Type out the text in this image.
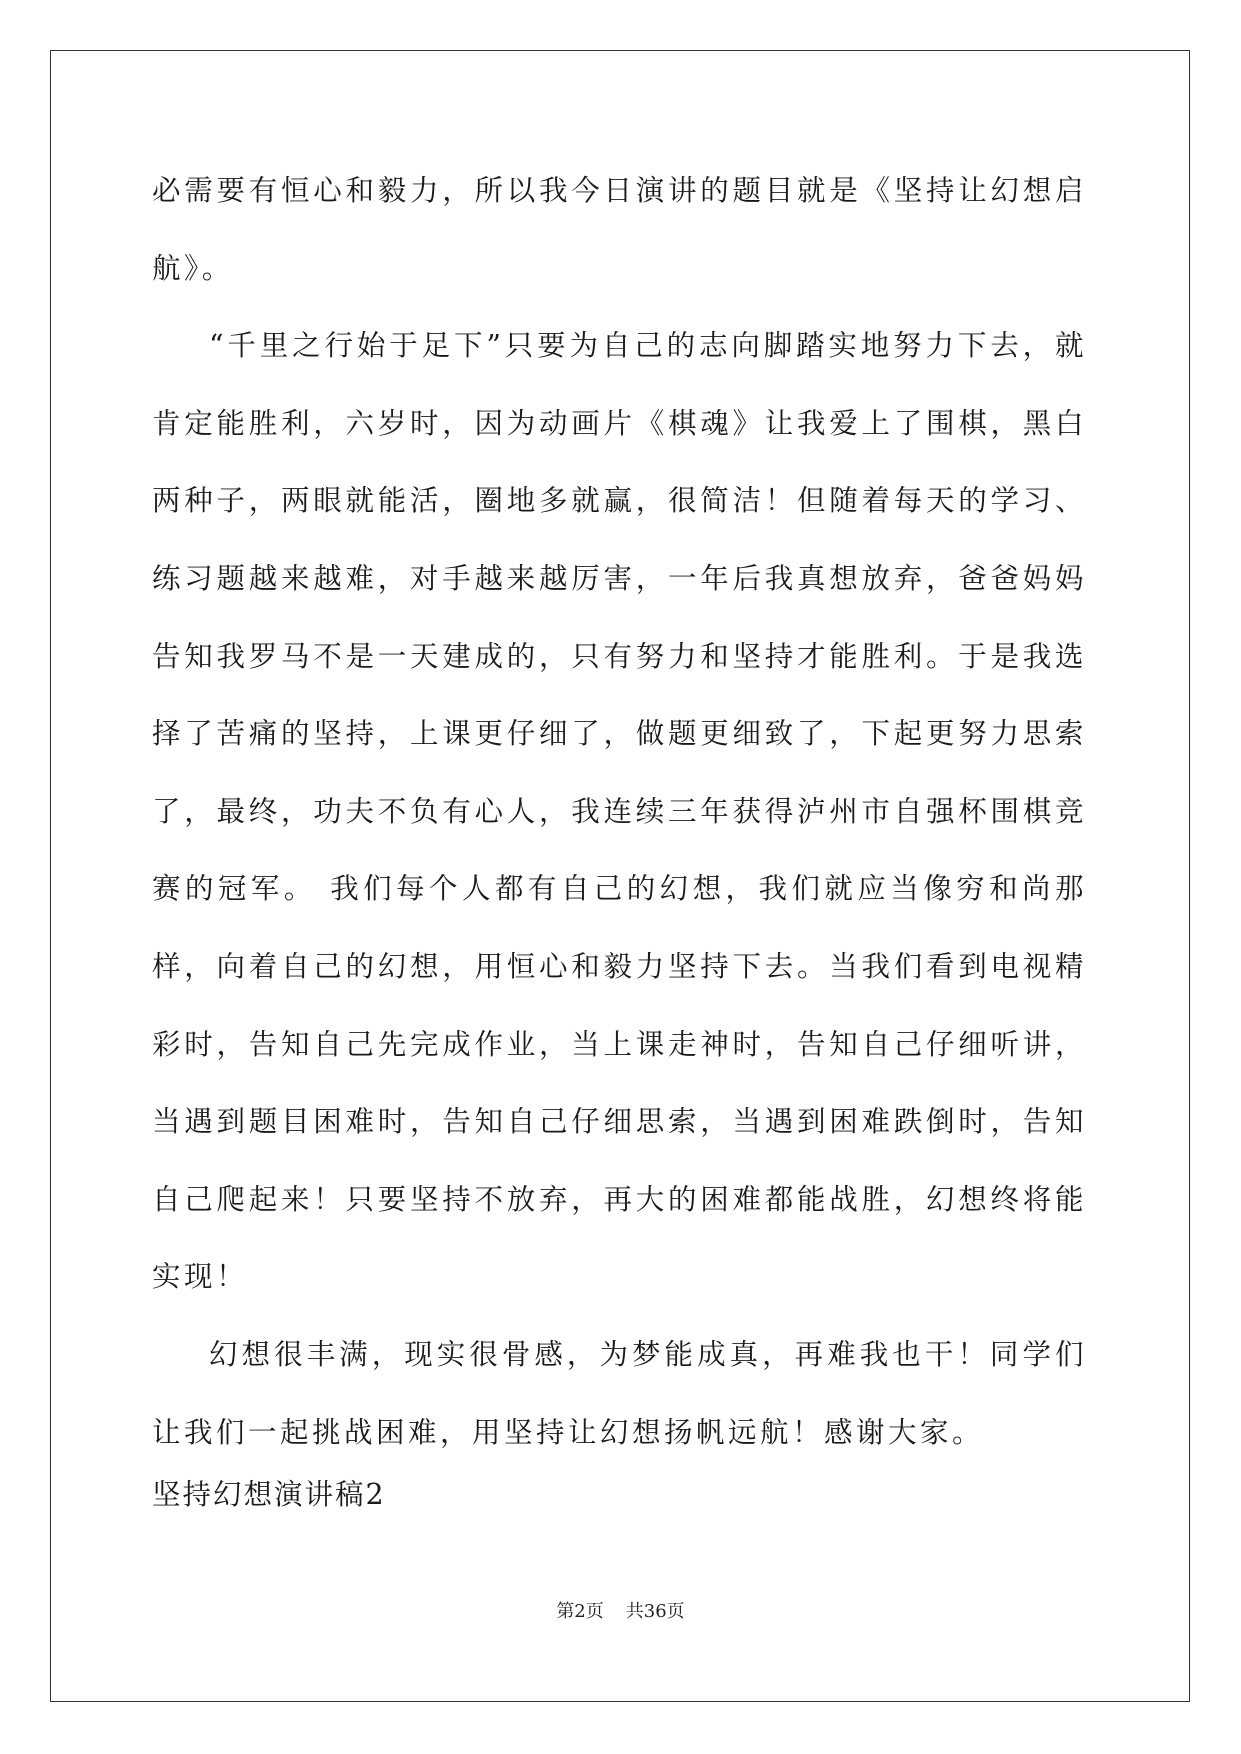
必需要有恒心和毅力，所以我今日演讲的题目就是《坚持让幻想启航》。

“千里之行始于足下”只要为自己的志向脚踏实地努力下去，就肯定能胜利，六岁时，因为动画片《棋魂》让我爱上了围棋，黑白两种子，两眼就能活，圈地多就赢，很简洁！但随着每天的学习、练习题越来越难，对手越来越厉害，一年后我真想放弃，爸爸妈妈告知我罗马不是一天建成的，只有努力和坚持才能胜利。于是我选择了苦痛的坚持，上课更仔细了，做题更细致了，下起更努力思索了，最终，功夫不负有心人，我连续三年获得泸州市自强杯围棋竞赛的冠军。 我们每个人都有自己的幻想，我们就应当像穷和尚那样，向着自己的幻想，用恒心和毅力坚持下去。当我们看到电视精彩时，告知自己先完成作业，当上课走神时，告知自己仔细听讲，当遇到题目困难时，告知自己仔细思索，当遇到困难跌倒时，告知自己爬起来！只要坚持不放弃，再大的困难都能战胜，幻想终将能实现！

幻想很丰满，现实很骨感，为梦能成真，再难我也干！同学们让我们一起挑战困难，用坚持让幻想扬帆远航！感谢大家。

坚持幻想演讲稿2
第2页 共36页
